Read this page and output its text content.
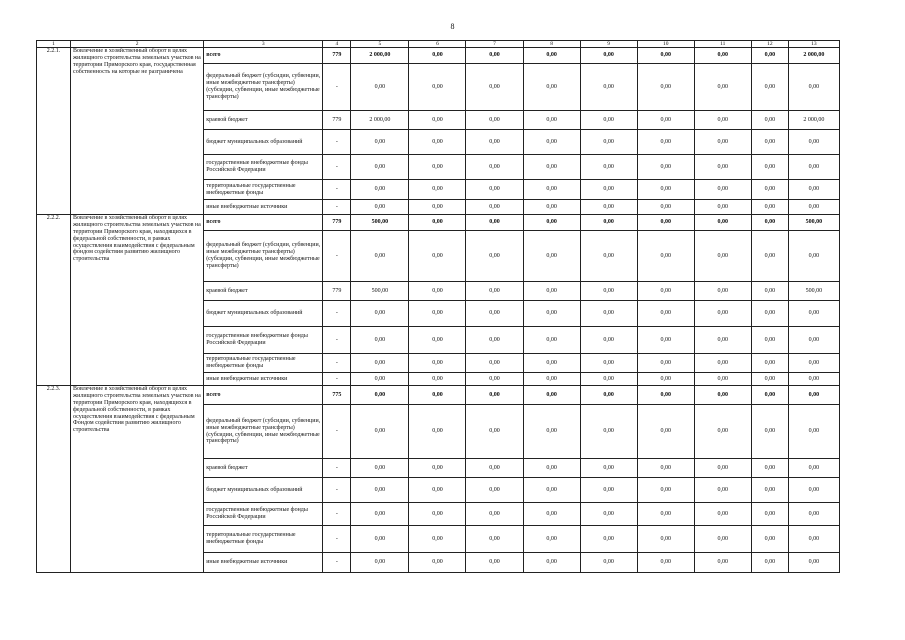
8
1	2	3	4	5	6	7	8	9	10	11	12	13
2.2.1.	Вовлечение в хозяйственный оборот в целях жилищного строительства земельных участков на территории Приморского края, государственная собственность на которые не разграничена	всего	779	2 000,00	0,00	0,00	0,00	0,00	0,00	0,00	0,00	2 000,00
		федеральный бюджет (субсидии, субвенции, иные межбюджетные трансферты) (субсидии, субвенции, иные межбюджетные трансферты)	-	0,00	0,00	0,00	0,00	0,00	0,00	0,00	0,00	0,00
		краевой бюджет	779	2 000,00	0,00	0,00	0,00	0,00	0,00	0,00	0,00	2 000,00
		бюджет муниципальных образований	-	0,00	0,00	0,00	0,00	0,00	0,00	0,00	0,00	0,00
		государственные внебюджетные фонды Российской Федерации	-	0,00	0,00	0,00	0,00	0,00	0,00	0,00	0,00	0,00
		территориальные государственные внебюджетные фонды	-	0,00	0,00	0,00	0,00	0,00	0,00	0,00	0,00	0,00
		иные внебюджетные источники	-	0,00	0,00	0,00	0,00	0,00	0,00	0,00	0,00	0,00
2.2.2.	Вовлечение в хозяйственный оборот в целях жилищного строительства земельных участков на территории Приморского края, находящихся в федеральной собственности, в рамках осуществления взаимодействия с федеральным фондом содействия развитию жилищного строительства	всего	779	500,00	0,00	0,00	0,00	0,00	0,00	0,00	0,00	500,00
		федеральный бюджет (субсидии, субвенции, иные межбюджетные трансферты) (субсидии, субвенции, иные межбюджетные трансферты)	-	0,00	0,00	0,00	0,00	0,00	0,00	0,00	0,00	0,00
		краевой бюджет	779	500,00	0,00	0,00	0,00	0,00	0,00	0,00	0,00	500,00
		бюджет муниципальных образований	-	0,00	0,00	0,00	0,00	0,00	0,00	0,00	0,00	0,00
		государственные внебюджетные фонды Российской Федерации	-	0,00	0,00	0,00	0,00	0,00	0,00	0,00	0,00	0,00
		территориальные государственные внебюджетные фонды	-	0,00	0,00	0,00	0,00	0,00	0,00	0,00	0,00	0,00
		иные внебюджетные источники	-	0,00	0,00	0,00	0,00	0,00	0,00	0,00	0,00	0,00
2.2.3.	Вовлечение в хозяйственный оборот в целях жилищного строительства земельных участков на территории Приморского края, находящихся в федеральной собственности, в рамках осуществления взаимодействия с федеральным Фондом содействия развитию жилищного строительства	всего	775	0,00	0,00	0,00	0,00	0,00	0,00	0,00	0,00	0,00
		федеральный бюджет (субсидии, субвенции, иные межбюджетные трансферты) (субсидии, субвенции, иные межбюджетные трансферты)	-	0,00	0,00	0,00	0,00	0,00	0,00	0,00	0,00	0,00
		краевой бюджет	-	0,00	0,00	0,00	0,00	0,00	0,00	0,00	0,00	0,00
		бюджет муниципальных образований	-	0,00	0,00	0,00	0,00	0,00	0,00	0,00	0,00	0,00
		государственные внебюджетные фонды Российской Федерации	-	0,00	0,00	0,00	0,00	0,00	0,00	0,00	0,00	0,00
		территориальные государственные внебюджетные фонды	-	0,00	0,00	0,00	0,00	0,00	0,00	0,00	0,00	0,00
		иные внебюджетные источники	-	0,00	0,00	0,00	0,00	0,00	0,00	0,00	0,00	0,00
